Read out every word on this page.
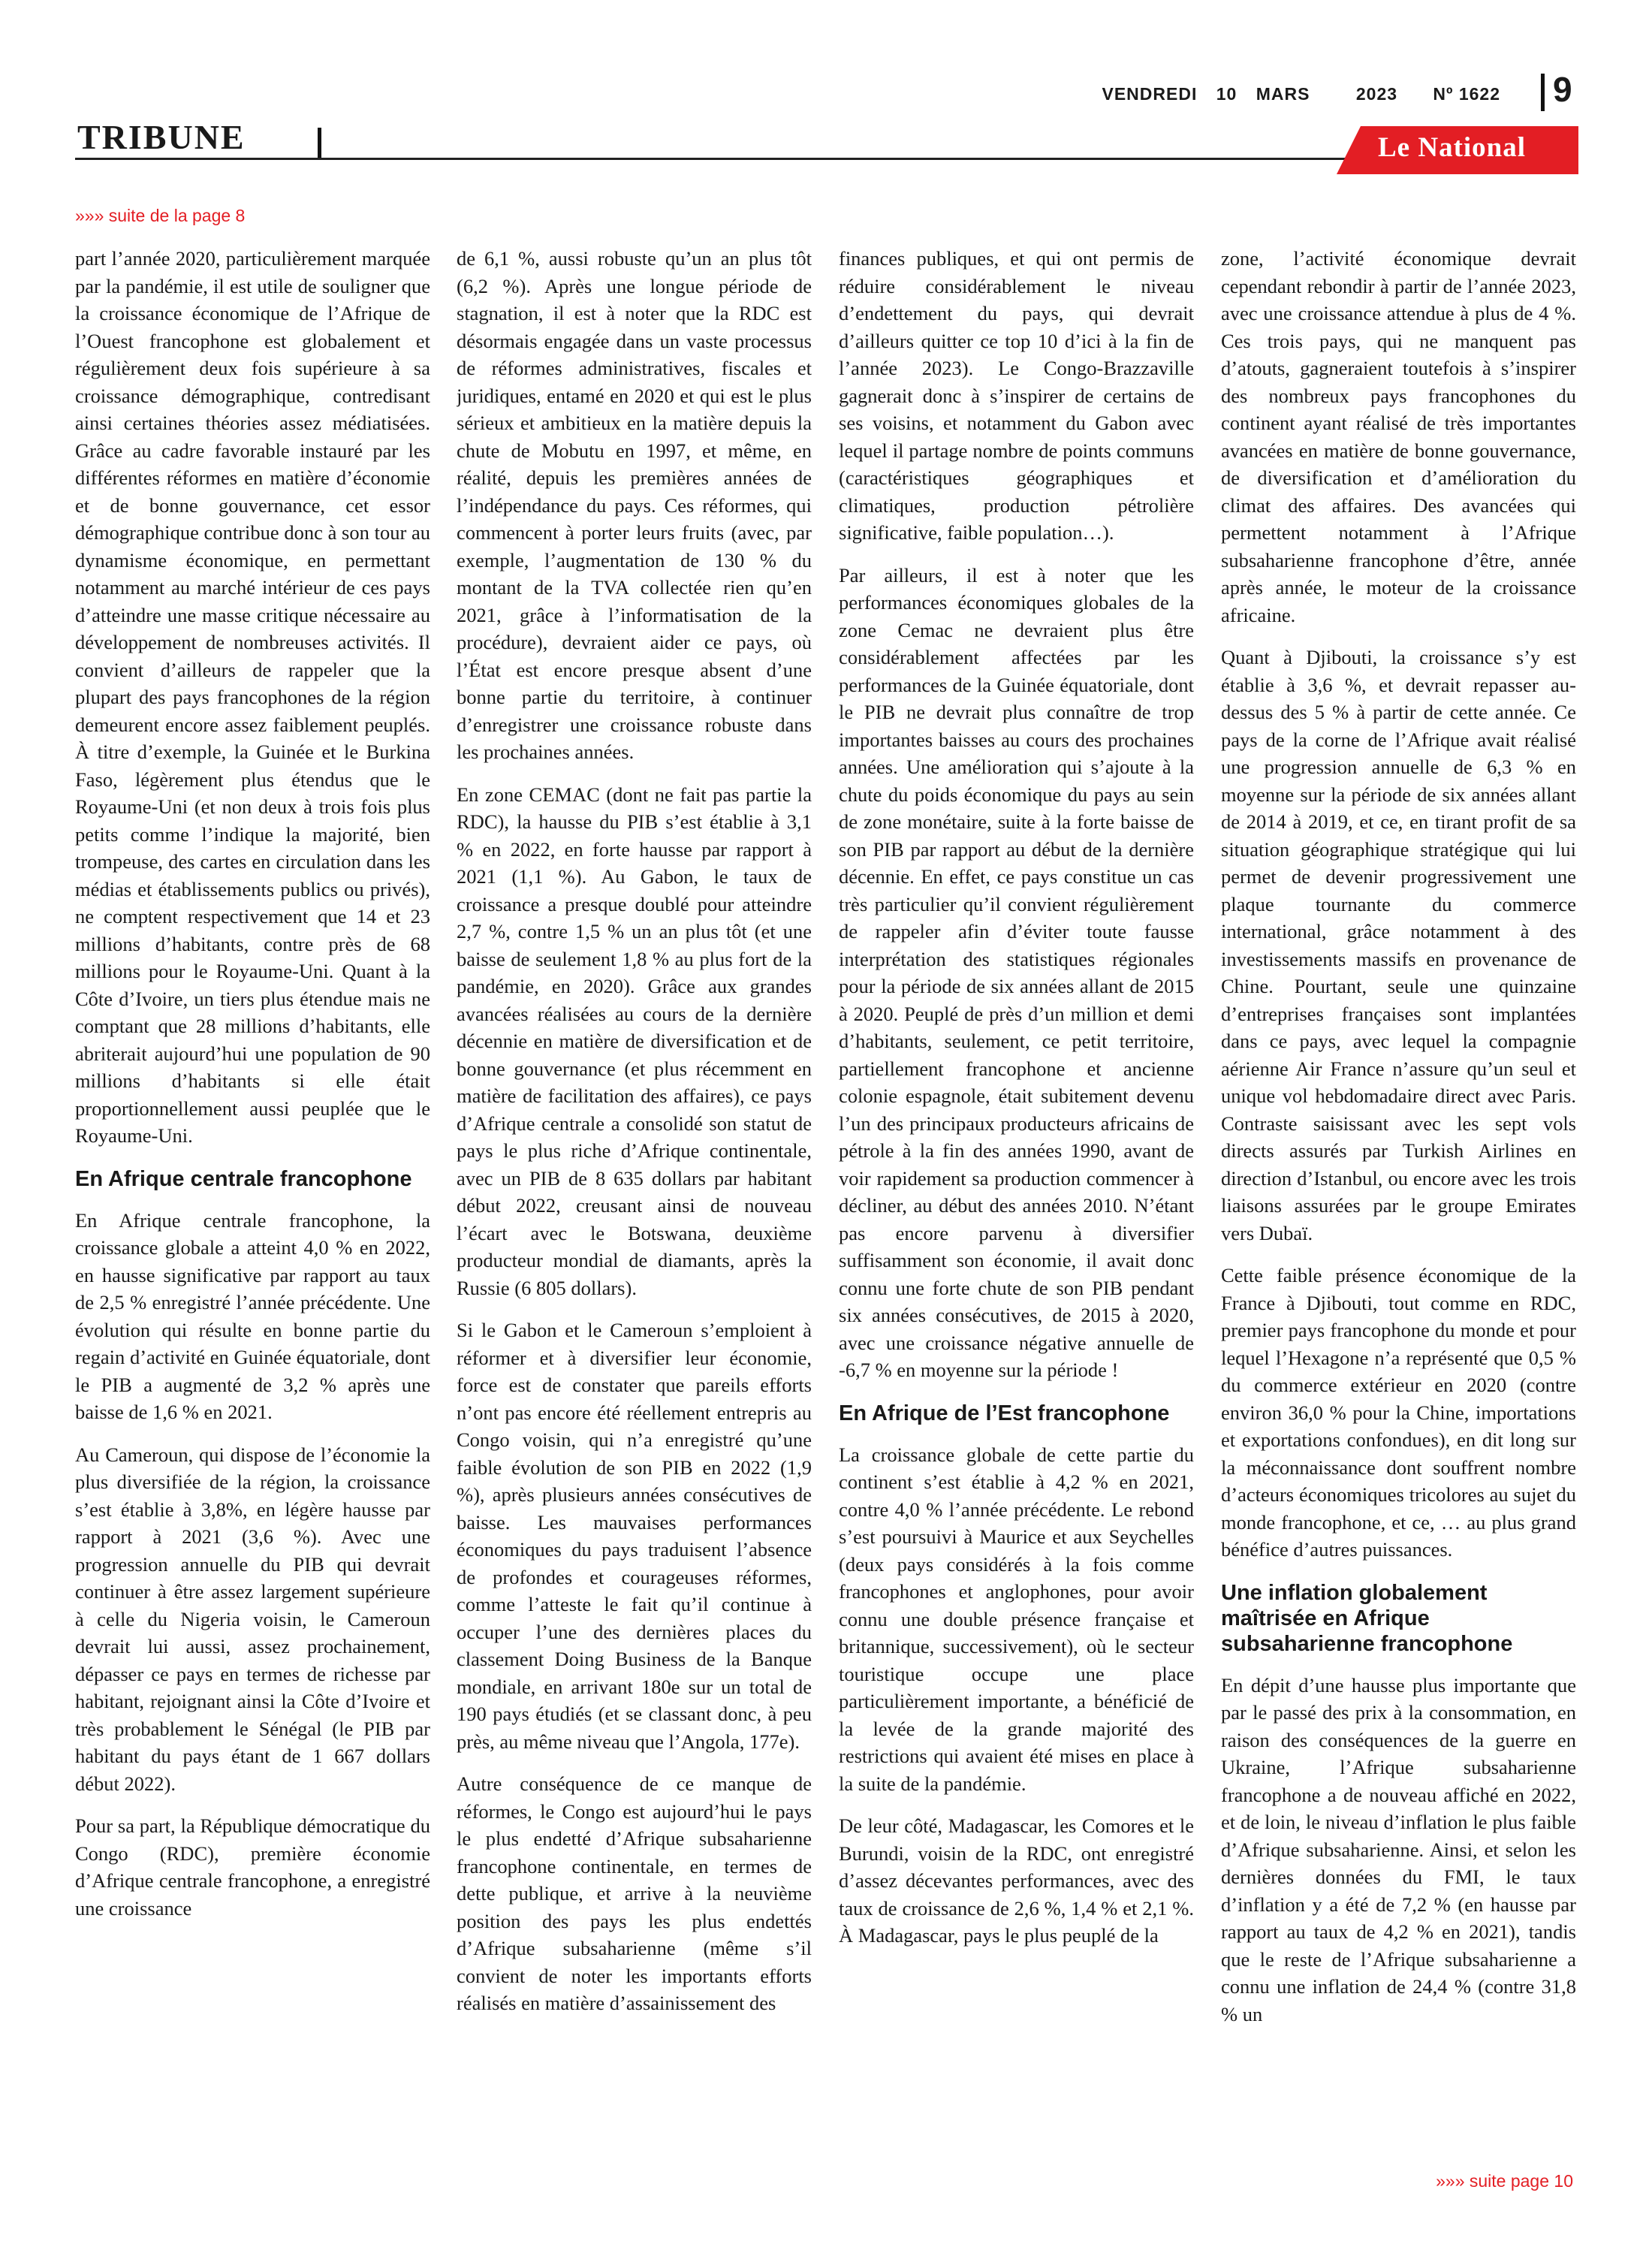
VENDREDI 10 MARS	2023 Nº 1622 9
TRIBUNE	Le National
»»» suite de la page 8

part l’année 2020, particulièrement marquée par la pandémie, il est utile de souligner que la croissance économique de l’Afrique de l’Ouest francophone est globalement et régulièrement deux fois supérieure à sa croissance démographique, contredisant ainsi certaines théories assez médiatisées. Grâce au cadre favorable instauré par les différentes réformes en matière d’économie et de bonne gouvernance, cet essor démographique contribue donc à son tour au dynamisme économique, en permettant notamment au marché intérieur de ces pays d’atteindre une masse critique nécessaire au développement de nombreuses activités. Il convient d’ailleurs de rappeler que la plupart des pays francophones de la région demeurent encore assez faiblement peuplés. À titre d’exemple, la Guinée et le Burkina Faso, légèrement plus étendus que le Royaume-Uni (et non deux à trois fois plus petits comme l’indique la majorité, bien trompeuse, des cartes en circulation dans les médias et établissements publics ou privés), ne comptent respectivement que 14 et 23 millions d’habitants, contre près de 68 millions pour le Royaume-Uni. Quant à la Côte d’Ivoire, un tiers plus étendue mais ne comptant que 28 millions d’habitants, elle abriterait aujourd’hui une population de 90 millions d’habitants si elle était proportionnellement aussi peuplée que le Royaume-Uni.

En Afrique centrale francophone

En Afrique centrale francophone, la croissance globale a atteint 4,0 % en 2022, en hausse significative par rapport au taux de 2,5 % enregistré l’année précédente. Une évolution qui résulte en bonne partie du regain d’activité en Guinée équatoriale, dont le PIB a augmenté de 3,2 % après une baisse de 1,6 % en 2021.

Au Cameroun, qui dispose de l’économie la plus diversifiée de la région, la croissance s’est établie à 3,8%, en légère hausse par rapport à 2021 (3,6 %). Avec une progression annuelle du PIB qui devrait continuer à être assez largement supérieure à celle du Nigeria voisin, le Cameroun devrait lui aussi, assez prochainement, dépasser ce pays en termes de richesse par habitant, rejoignant ainsi la Côte d’Ivoire et très probablement le Sénégal (le PIB par habitant du pays étant de 1 667 dollars début 2022).

Pour sa part, la République démocratique du Congo (RDC), première économie d’Afrique centrale francophone, a enregistré une croissance

de 6,1 %, aussi robuste qu’un an plus tôt (6,2 %). Après une longue période de stagnation, il est à noter que la RDC est désormais engagée dans un vaste processus de réformes administratives, fiscales et juridiques, entamé en 2020 et qui est le plus sérieux et ambitieux en la matière depuis la chute de Mobutu en 1997, et même, en réalité, depuis les premières années de l’indépendance du pays. Ces réformes, qui commencent à porter leurs fruits (avec, par exemple, l’augmentation de 130 % du montant de la TVA collectée rien qu’en 2021, grâce à l’informatisation de la procédure), devraient aider ce pays, où l’État est encore presque absent d’une bonne partie du territoire, à continuer d’enregistrer une croissance robuste dans les prochaines années.

En zone CEMAC (dont ne fait pas partie la RDC), la hausse du PIB s’est établie à 3,1 % en 2022, en forte hausse par rapport à 2021 (1,1 %). Au Gabon, le taux de croissance a presque doublé pour atteindre 2,7 %, contre 1,5 % un an plus tôt (et une baisse de seulement 1,8 % au plus fort de la pandémie, en 2020). Grâce aux grandes avancées réalisées au cours de la dernière décennie en matière de diversification et de bonne gouvernance (et plus récemment en matière de facilitation des affaires), ce pays d’Afrique centrale a consolidé son statut de pays le plus riche d’Afrique continentale, avec un PIB de 8 635 dollars par habitant début 2022, creusant ainsi de nouveau l’écart avec le Botswana, deuxième producteur mondial de diamants, après la Russie (6 805 dollars).

Si le Gabon et le Cameroun s’emploient à réformer et à diversifier leur économie, force est de constater que pareils efforts n’ont pas encore été réellement entrepris au Congo voisin, qui n’a enregistré qu’une faible évolution de son PIB en 2022 (1,9 %), après plusieurs années consécutives de baisse. Les mauvaises performances économiques du pays traduisent l’absence de profondes et courageuses réformes, comme l’atteste le fait qu’il continue à occuper l’une des dernières places du classement Doing Business de la Banque mondiale, en arrivant 180e sur un total de 190 pays étudiés (et se classant donc, à peu près, au même niveau que l’Angola, 177e).

Autre conséquence de ce manque de réformes, le Congo est aujourd’hui le pays le plus endetté d’Afrique subsaharienne francophone continentale, en termes de dette publique, et arrive à la neuvième position des pays les plus endettés d’Afrique subsaharienne (même s’il convient de noter les importants efforts réalisés en matière d’assainissement des

finances publiques, et qui ont permis de réduire considérablement le niveau d’endettement du pays, qui devrait d’ailleurs quitter ce top 10 d’ici à la fin de l’année 2023). Le Congo-Brazzaville gagnerait donc à s’inspirer de certains de ses voisins, et notamment du Gabon avec lequel il partage nombre de points communs (caractéristiques géographiques et climatiques, production pétrolière significative, faible population…).

Par ailleurs, il est à noter que les performances économiques globales de la zone Cemac ne devraient plus être considérablement affectées par les performances de la Guinée équatoriale, dont le PIB ne devrait plus connaître de trop importantes baisses au cours des prochaines années. Une amélioration qui s’ajoute à la chute du poids économique du pays au sein de zone monétaire, suite à la forte baisse de son PIB par rapport au début de la dernière décennie. En effet, ce pays constitue un cas très particulier qu’il convient régulièrement de rappeler afin d’éviter toute fausse interprétation des statistiques régionales pour la période de six années allant de 2015 à 2020. Peuplé de près d’un million et demi d’habitants, seulement, ce petit territoire, partiellement francophone et ancienne colonie espagnole, était subitement devenu l’un des principaux producteurs africains de pétrole à la fin des années 1990, avant de voir rapidement sa production commencer à décliner, au début des années 2010. N’étant pas encore parvenu à diversifier suffisamment son économie, il avait donc connu une forte chute de son PIB pendant six années consécutives, de 2015 à 2020, avec une croissance négative annuelle de -6,7 % en moyenne sur la période !

En Afrique de l’Est francophone

La croissance globale de cette partie du continent s’est établie à 4,2 % en 2021, contre 4,0 % l’année précédente. Le rebond s’est poursuivi à Maurice et aux Seychelles (deux pays considérés à la fois comme francophones et anglophones, pour avoir connu une double présence française et britannique, successivement), où le secteur touristique occupe une place particulièrement importante, a bénéficié de la levée de la grande majorité des restrictions qui avaient été mises en place à la suite de la pandémie.

De leur côté, Madagascar, les Comores et le Burundi, voisin de la RDC, ont enregistré d’assez décevantes performances, avec des taux de croissance de 2,6 %, 1,4 % et 2,1 %. À Madagascar, pays le plus peuplé de la

zone, l’activité économique devrait cependant rebondir à partir de l’année 2023, avec une croissance attendue à plus de 4 %. Ces trois pays, qui ne manquent pas d’atouts, gagneraient toutefois à s’inspirer des nombreux pays francophones du continent ayant réalisé de très importantes avancées en matière de bonne gouvernance, de diversification et d’amélioration du climat des affaires. Des avancées qui permettent notamment à l’Afrique subsaharienne francophone d’être, année après année, le moteur de la croissance africaine.

Quant à Djibouti, la croissance s’y est établie à 3,6 %, et devrait repasser au-dessus des 5 % à partir de cette année. Ce pays de la corne de l’Afrique avait réalisé une progression annuelle de 6,3 % en moyenne sur la période de six années allant de 2014 à 2019, et ce, en tirant profit de sa situation géographique stratégique qui lui permet de devenir progressivement une plaque tournante du commerce international, grâce notamment à des investissements massifs en provenance de Chine. Pourtant, seule une quinzaine d’entreprises françaises sont implantées dans ce pays, avec lequel la compagnie aérienne Air France n’assure qu’un seul et unique vol hebdomadaire direct avec Paris. Contraste saisissant avec les sept vols directs assurés par Turkish Airlines en direction d’Istanbul, ou encore avec les trois liaisons assurées par le groupe Emirates vers Dubaï.

Cette faible présence économique de la France à Djibouti, tout comme en RDC, premier pays francophone du monde et pour lequel l’Hexagone n’a représenté que 0,5 % du commerce extérieur en 2020 (contre environ 36,0 % pour la Chine, importations et exportations confondues), en dit long sur la méconnaissance dont souffrent nombre d’acteurs économiques tricolores au sujet du monde francophone, et ce, … au plus grand bénéfice d’autres puissances.

Une inflation globalement maîtrisée en Afrique subsaharienne francophone

En dépit d’une hausse plus importante que par le passé des prix à la consommation, en raison des conséquences de la guerre en Ukraine, l’Afrique subsaharienne francophone a de nouveau affiché en 2022, et de loin, le niveau d’inflation le plus faible d’Afrique subsaharienne. Ainsi, et selon les dernières données du FMI, le taux d’inflation y a été de 7,2 % (en hausse par rapport au taux de 4,2 % en 2021), tandis que le reste de l’Afrique subsaharienne a connu une inflation de 24,4 % (contre 31,8 % un

»»» suite page 10
